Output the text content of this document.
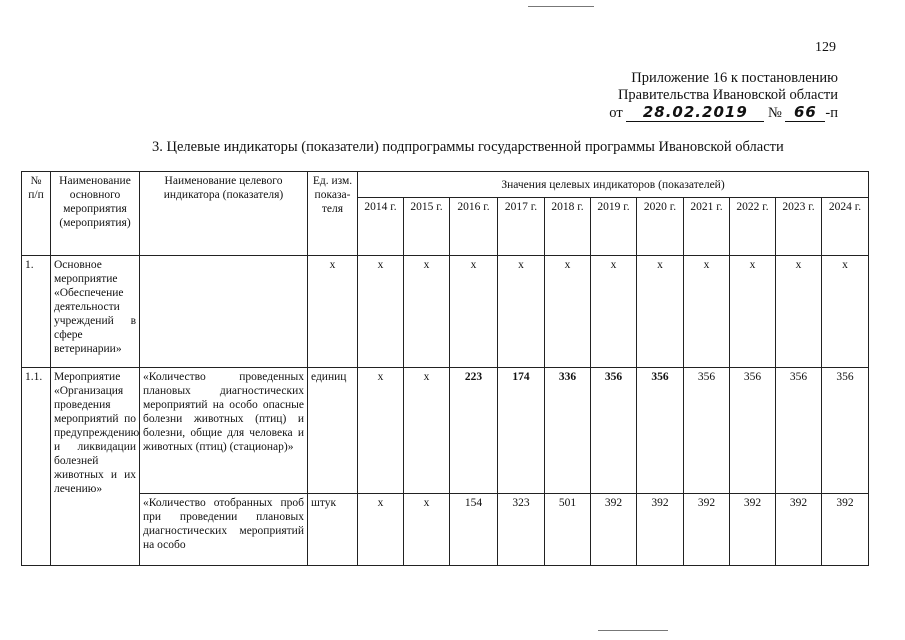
129
Приложение 16 к постановлению
Правительства Ивановской области
от 28.02.2019 № 66 -п
3. Целевые индикаторы (показатели) подпрограммы государственной программы Ивановской области
№ п/п	Наименование основного мероприятия (мероприятия)	Наименование целевого индикатора (показателя)	Ед. изм. показа-теля	Значения целевых индикаторов (показателей)										
				2014 г.	2015 г.	2016 г.	2017 г.	2018 г.	2019 г.	2020 г.	2021 г.	2022 г.	2023 г.	2024 г.
1.	Основное мероприятие «Обеспечение деятельности учреждений в сфере ветеринарии»		x	x	x	x	x	x	x	x	x	x	x	x
1.1.	Мероприятие «Организация проведения мероприятий по предупреждению и ликвидации болезней животных и их лечению»	«Количество проведенных плановых диагностических мероприятий на особо опасные болезни животных (птиц) и болезни, общие для человека и животных (птиц) (стационар)»	единиц	x	x	223	174	336	356	356	356	356	356	356
		«Количество отобранных проб при проведении плановых диагностических мероприятий на особо	штук	x	x	154	323	501	392	392	392	392	392	392
